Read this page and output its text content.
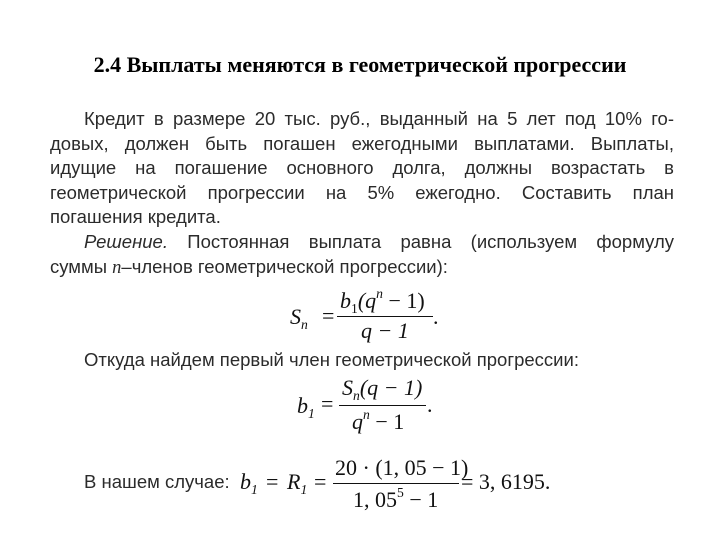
2.4 Выплаты меняются в геометрической прогрессии
Кредит в размере 20 тыс. руб., выданный на 5 лет под 10% го-
довых, должен быть погашен ежегодными выплатами. Выплаты,
идущие на погашение основного долга, должны возрастать в
геометрической прогрессии на 5% ежегодно. Составить план
погашения кредита.
Решение. Постоянная выплата равна (используем формулу
суммы n–членов геометрической прогрессии):
$S_n$ =
$b_1(q^n - 1)$
q − 1
.
Откуда найдем первый член геометрической прогрессии:
$b_1$ =
$S_n(q - 1)$
$q^n - 1$
.
В нашем случае: $b_1 = R_1$ =
20 · (1, 05 − 1)
1, $05^5 - 1$
= 3, 6195.
